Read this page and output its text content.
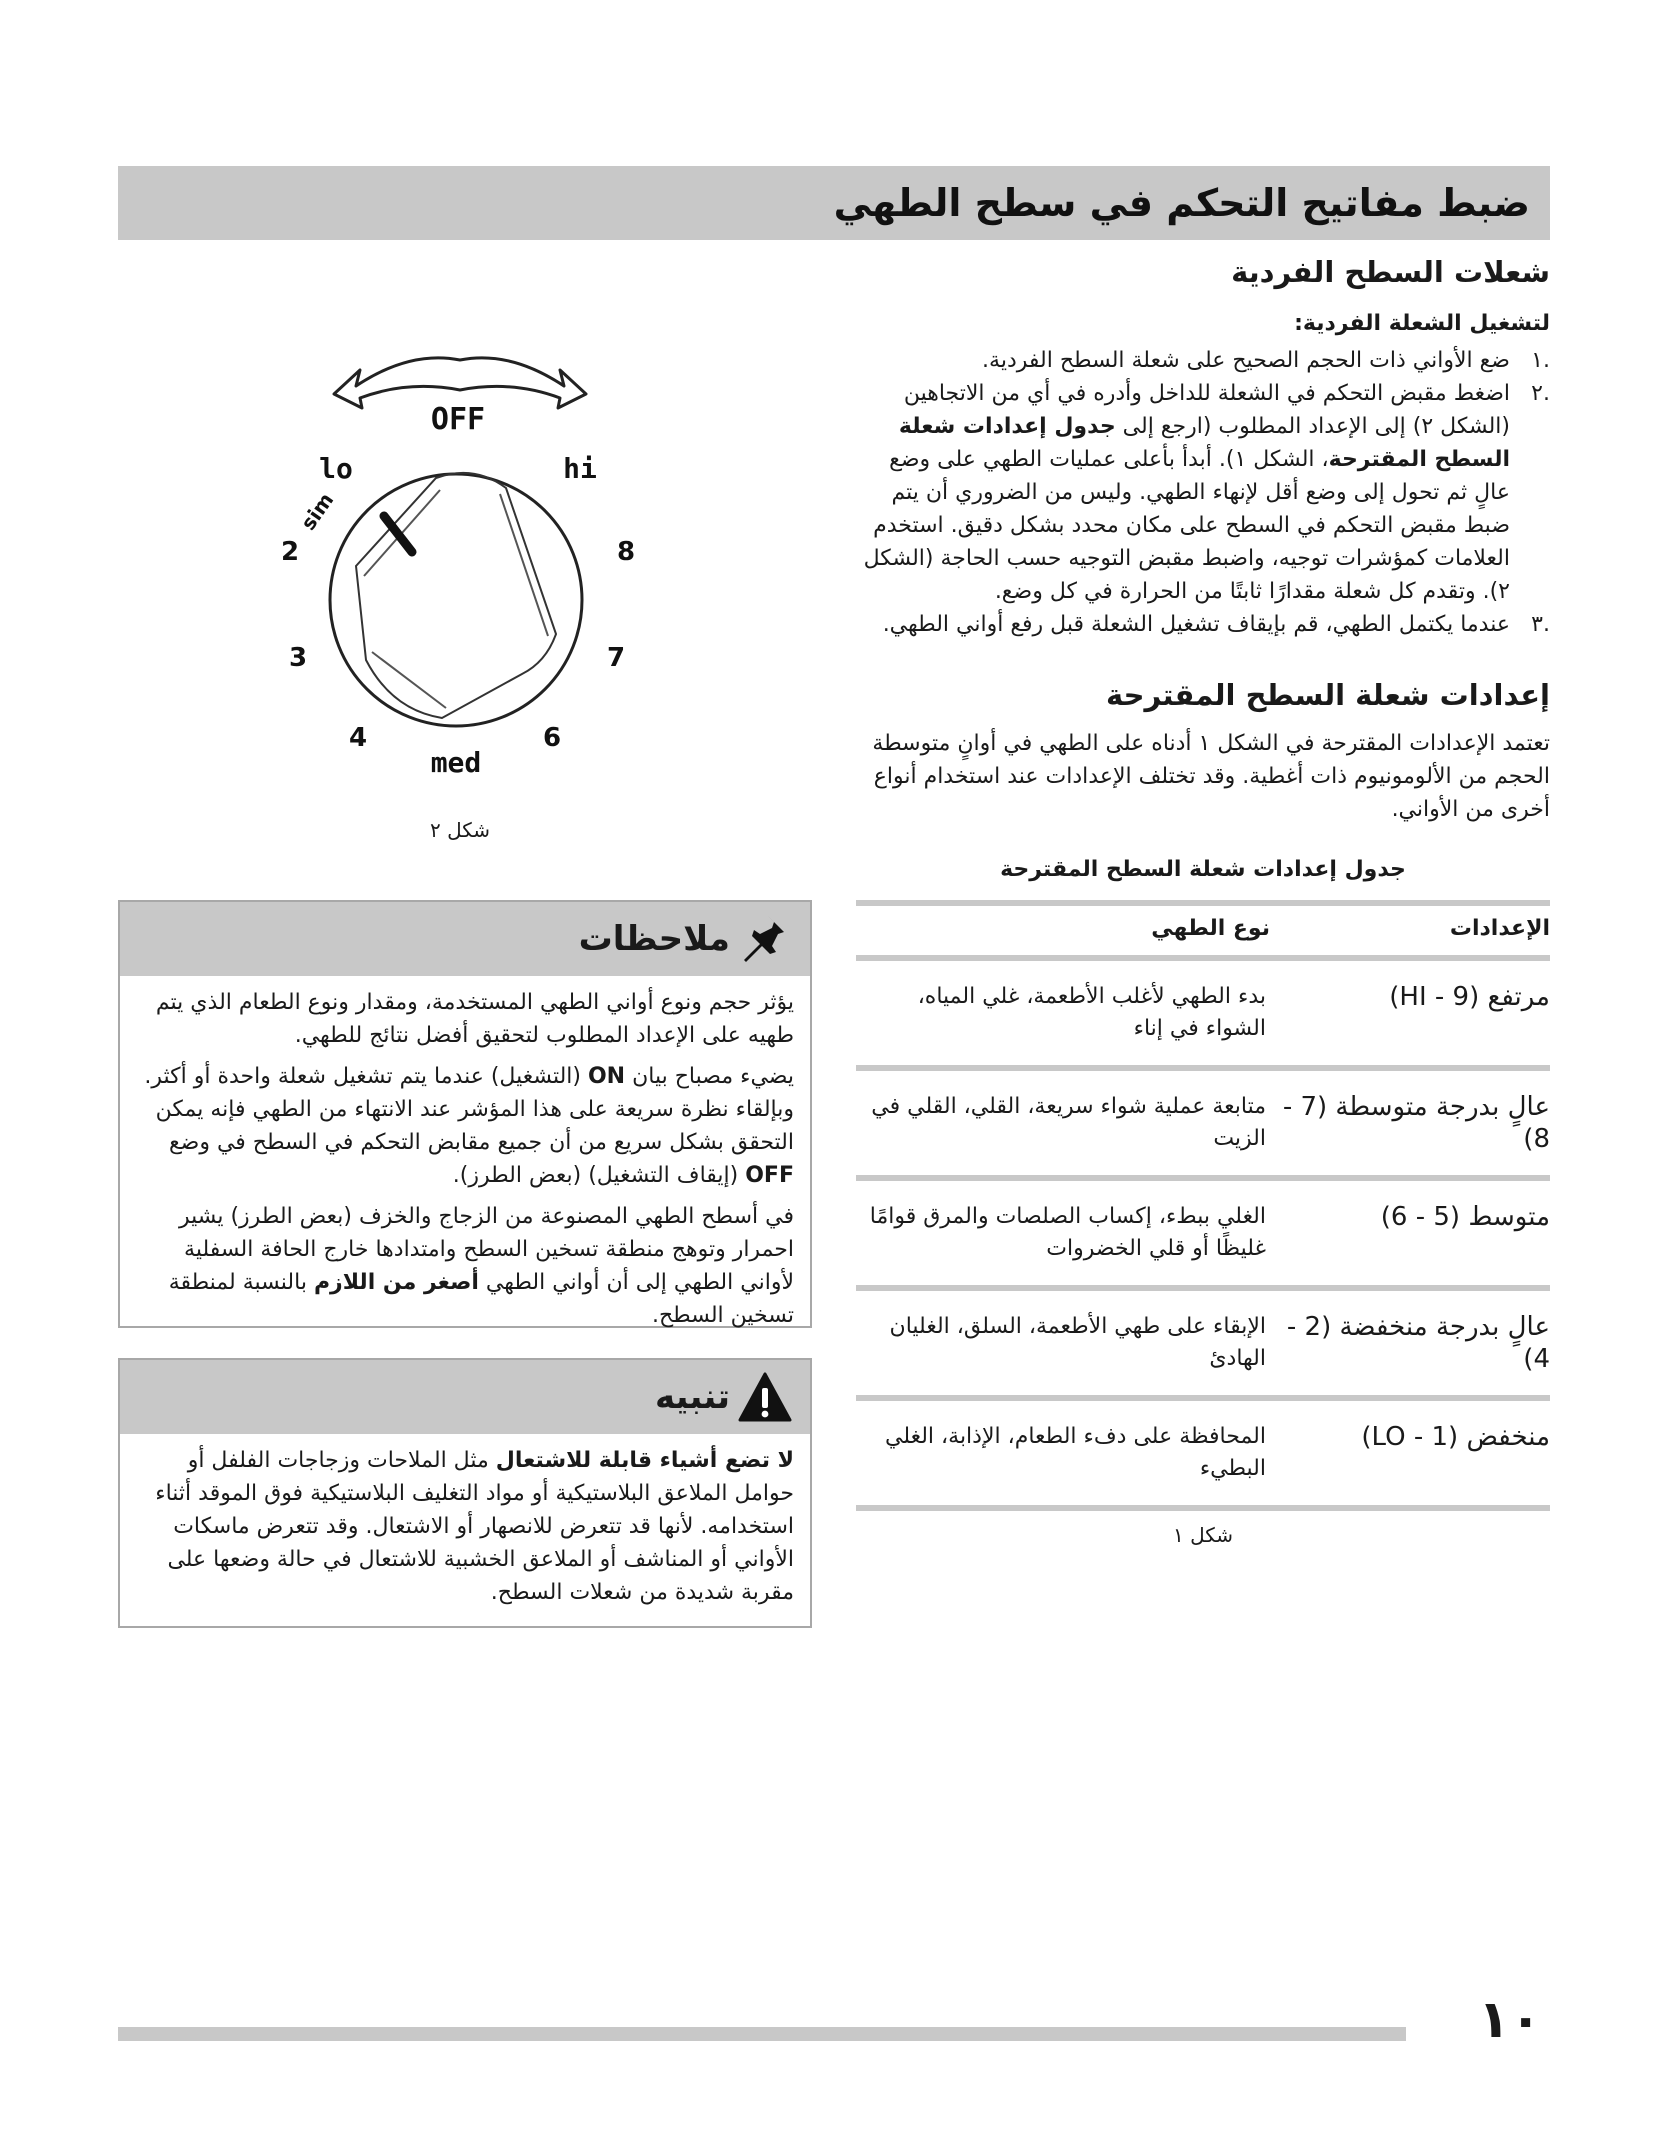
ضبط مفاتيح التحكم في سطح الطهي
شعلات السطح الفردية
لتشغيل الشعلة الفردية:
.١
ضع الأواني ذات الحجم الصحيح على شعلة السطح الفردية.
.٢
اضغط مقبض التحكم في الشعلة للداخل وأدره في أي من الاتجاهين (الشكل ٢) إلى الإعداد المطلوب (ارجع إلى جدول إعدادات شعلة السطح المقترحة، الشكل ١). أبدأ بأعلى عمليات الطهي على وضع عالٍ ثم تحول إلى وضع أقل لإنهاء الطهي. وليس من الضروري أن يتم ضبط مقبض التحكم في السطح على مكان محدد بشكل دقيق. استخدم العلامات كمؤشرات توجيه، واضبط مقبض التوجيه حسب الحاجة (الشكل ٢). وتقدم كل شعلة مقدارًا ثابتًا من الحرارة في كل وضع.
.٣
عندما يكتمل الطهي، قم بإيقاف تشغيل الشعلة قبل رفع أواني الطهي.
إعدادات شعلة السطح المقترحة

تعتمد الإعدادات المقترحة في الشكل ١ أدناه على الطهي في أوانٍ متوسطة الحجم من الألومونيوم ذات أغطية. وقد تختلف الإعدادات عند استخدام أنواع أخرى من الأواني.

جدول إعدادات شعلة السطح المقترحة
الإعدادات	نوع الطهي
مرتفع (HI - 9)	بدء الطهي لأغلب الأطعمة، غلي المياه، الشواء في إناء
عالٍ بدرجة متوسطة (7 - 8)	متابعة عملية شواء سريعة، القلي، القلي في الزيت
متوسط (5 - 6)	الغلي ببطء، إكساب الصلصات والمرق قوامًا غليظًا أو قلي الخضروات
عالٍ بدرجة منخفضة (2 - 4)	الإبقاء على طهي الأطعمة، السلق، الغليان الهادئ
منخفض (LO - 1)	المحافظة على دفء الطعام، الإذابة، الغلي البطيء
شكل ١
OFF
lo
sim
hi
2
3
4	6
7
8
med
شكل ٢
ملاحظات

يؤثر حجم ونوع أواني الطهي المستخدمة، ومقدار ونوع الطعام الذي يتم طهيه على الإعداد المطلوب لتحقيق أفضل نتائج للطهي.

يضيء مصباح بيان ON (التشغيل) عندما يتم تشغيل شعلة واحدة أو أكثر. وبإلقاء نظرة سريعة على هذا المؤشر عند الانتهاء من الطهي فإنه يمكن التحقق بشكل سريع من أن جميع مقابض التحكم في السطح في وضع OFF (إيقاف التشغيل) (بعض الطرز).

في أسطح الطهي المصنوعة من الزجاج والخزف (بعض الطرز) يشير احمرار وتوهج منطقة تسخين السطح وامتدادها خارج الحافة السفلية لأواني الطهي إلى أن أواني الطهي أصغر من اللازم بالنسبة لمنطقة تسخين السطح.

تنبيه

لا تضع أشياء قابلة للاشتعال مثل الملاحات وزجاجات الفلفل أو حوامل الملاعق البلاستيكية أو مواد التغليف البلاستيكية فوق الموقد أثناء استخدامه. لأنها قد تتعرض للانصهار أو الاشتعال. وقد تتعرض ماسكات الأواني أو المناشف أو الملاعق الخشبية للاشتعال في حالة وضعها على مقربة شديدة من شعلات السطح.

١٠
